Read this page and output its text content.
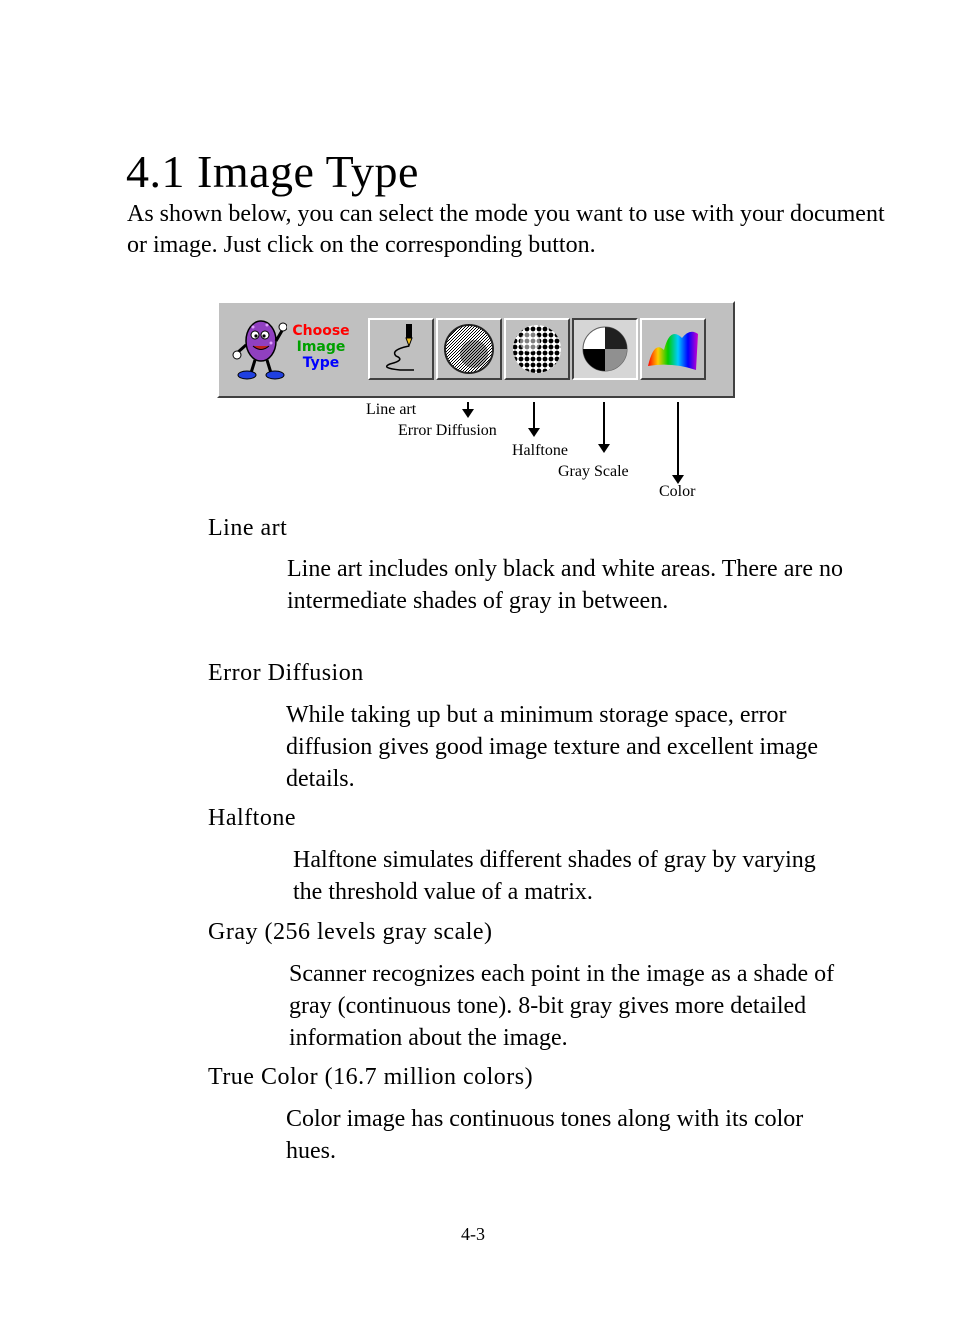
4.1 Image Type
As shown below, you can select the mode you want to use with your document or image. Just click on the corresponding button.
Choose
Image
Type
Line art
Error Diffusion
Halftone
Gray Scale
Color
Line art
Line art includes only black and white areas. There are no intermediate shades of gray in between.
Error Diffusion
While taking up but a minimum storage space, error diffusion gives good image texture and excellent image details.
Halftone
Halftone simulates different shades of gray by varying the threshold value of a matrix.
Gray (256 levels gray scale)
Scanner recognizes each point in the image as a shade of gray (continuous tone). 8-bit gray gives more detailed information about the image.
True Color (16.7 million colors)
Color image has continuous tones along with its color hues.
4-3
